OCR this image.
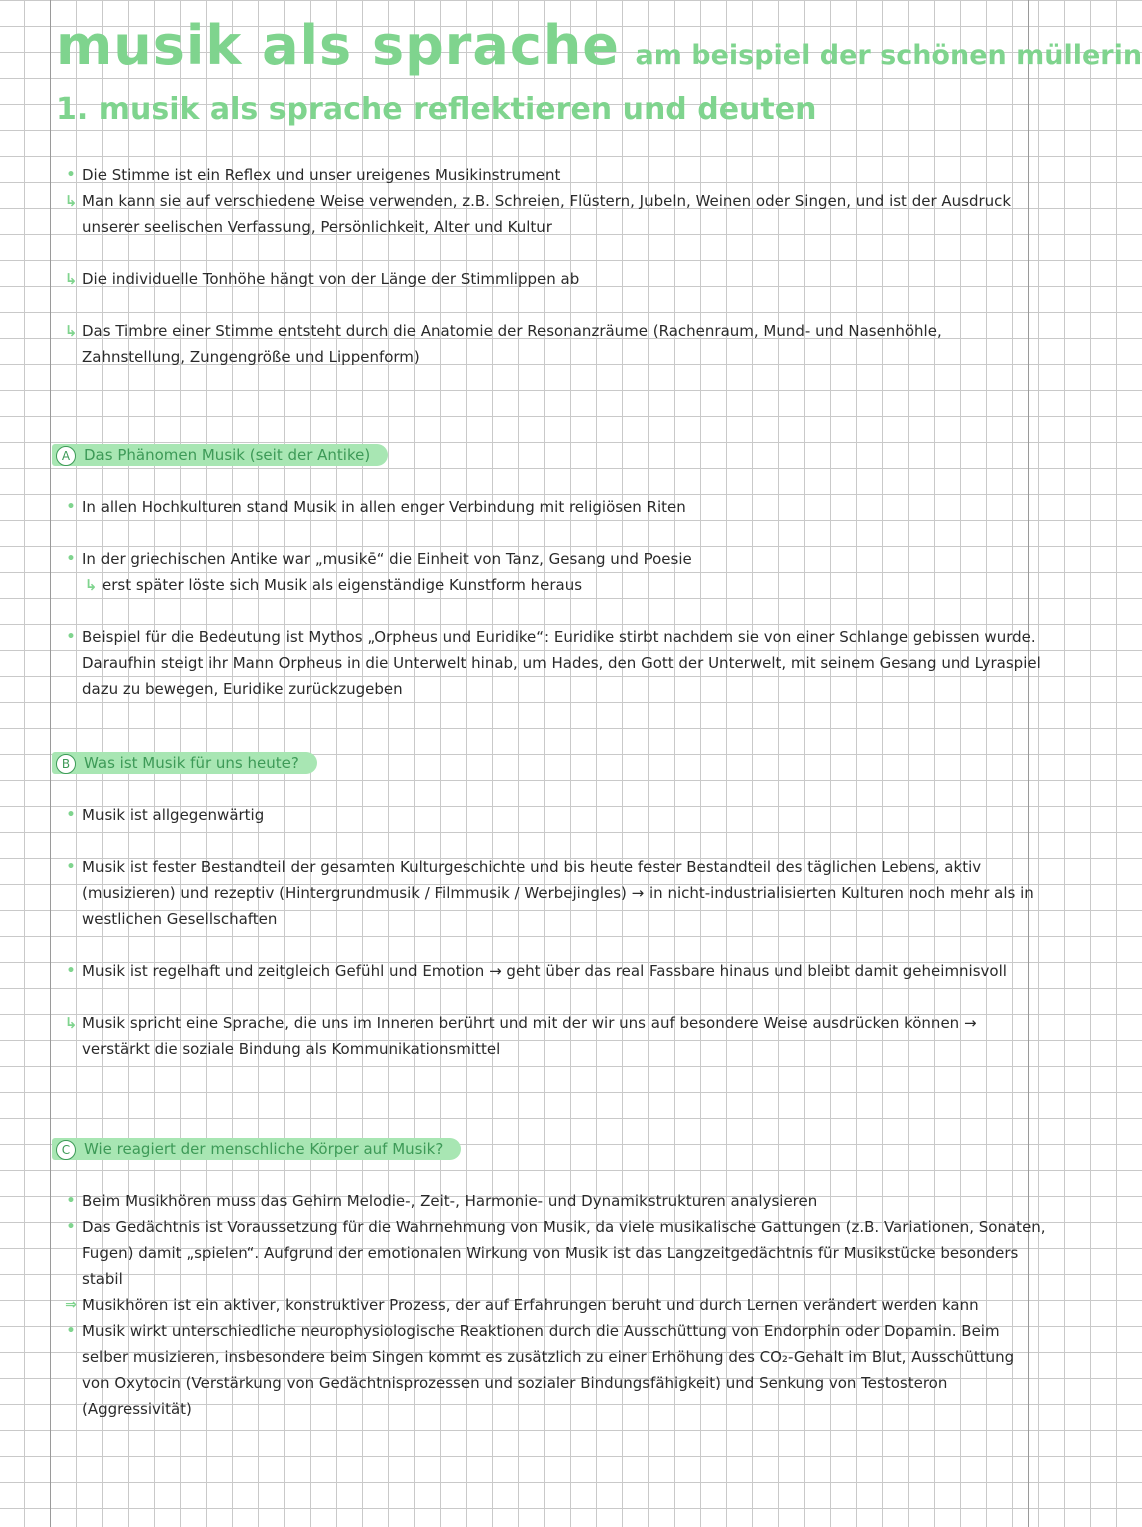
musik als sprache am beispiel der schönen müllerin
1. musik als sprache reflektieren und deuten
• Die Stimme ist ein Reflex und unser ureigenes Musikinstrument
↳ Man kann sie auf verschiedene Weise verwenden, z.B. Schreien, Flüstern, Jubeln, Weinen oder Singen, und ist der Ausdruck unserer seelischen Verfassung, Persönlichkeit, Alter und Kultur
↳ Die individuelle Tonhöhe hängt von der Länge der Stimmlippen ab
↳ Das Timbre einer Stimme entsteht durch die Anatomie der Resonanzräume (Rachenraum, Mund- und Nasenhöhle, Zahnstellung, Zungengröße und Lippenform)
A Das Phänomen Musik (seit der Antike)
• In allen Hochkulturen stand Musik in allen enger Verbindung mit religiösen Riten
• In der griechischen Antike war „musikē“ die Einheit von Tanz, Gesang und Poesie
↳ erst später löste sich Musik als eigenständige Kunstform heraus
• Beispiel für die Bedeutung ist Mythos „Orpheus und Euridike“: Euridike stirbt nachdem sie von einer Schlange gebissen wurde. Daraufhin steigt ihr Mann Orpheus in die Unterwelt hinab, um Hades, den Gott der Unterwelt, mit seinem Gesang und Lyraspiel dazu zu bewegen, Euridike zurückzugeben
B Was ist Musik für uns heute?
• Musik ist allgegenwärtig
• Musik ist fester Bestandteil der gesamten Kulturgeschichte und bis heute fester Bestandteil des täglichen Lebens, aktiv (musizieren) und rezeptiv (Hintergrundmusik / Filmmusik / Werbejingles) → in nicht-industrialisierten Kulturen noch mehr als in westlichen Gesellschaften
• Musik ist regelhaft und zeitgleich Gefühl und Emotion → geht über das real Fassbare hinaus und bleibt damit geheimnisvoll
↳ Musik spricht eine Sprache, die uns im Inneren berührt und mit der wir uns auf besondere Weise ausdrücken können → verstärkt die soziale Bindung als Kommunikationsmittel
C Wie reagiert der menschliche Körper auf Musik?
• Beim Musikhören muss das Gehirn Melodie-, Zeit-, Harmonie- und Dynamikstrukturen analysieren
• Das Gedächtnis ist Voraussetzung für die Wahrnehmung von Musik, da viele musikalische Gattungen (z.B. Variationen, Sonaten, Fugen) damit „spielen“. Aufgrund der emotionalen Wirkung von Musik ist das Langzeitgedächtnis für Musikstücke besonders stabil
⇒ Musikhören ist ein aktiver, konstruktiver Prozess, der auf Erfahrungen beruht und durch Lernen verändert werden kann
• Musik wirkt unterschiedliche neurophysiologische Reaktionen durch die Ausschüttung von Endorphin oder Dopamin. Beim selber musizieren, insbesondere beim Singen kommt es zusätzlich zu einer Erhöhung des CO₂-Gehalt im Blut, Ausschüttung von Oxytocin (Verstärkung von Gedächtnisprozessen und sozialer Bindungsfähigkeit) und Senkung von Testosteron (Aggressivität)
